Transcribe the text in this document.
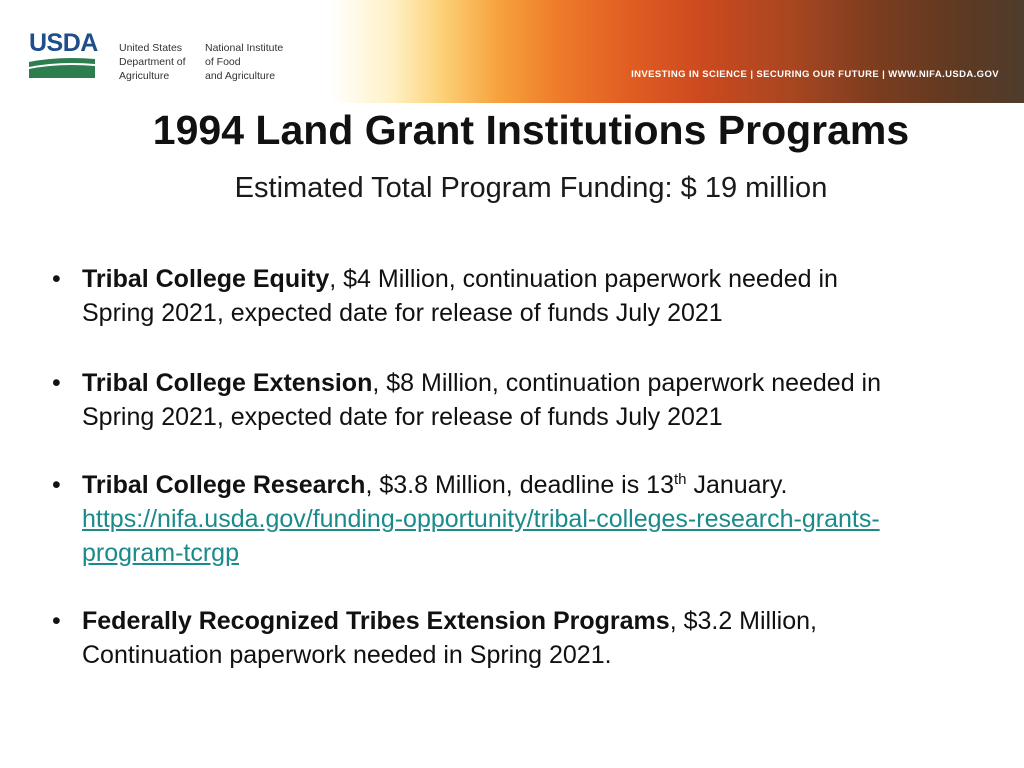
USDA United States
Department of
Agriculture
National Institute
of Food
and Agriculture	INVESTING IN SCIENCE | SECURING OUR FUTURE | WWW.NIFA.USDA.GOV
1994 Land Grant Institutions Programs

Estimated Total Program Funding: $ 19 million

• Tribal College Equity, $4 Million, continuation paperwork needed in
Spring 2021, expected date for release of funds July 2021
• Tribal College Extension, $8 Million, continuation paperwork needed in
Spring 2021, expected date for release of funds July 2021
• Tribal College Research, $3.8 Million, deadline is 13th January.
https://nifa.usda.gov/funding-opportunity/tribal-colleges-research-grants-
program-tcrgp
• Federally Recognized Tribes Extension Programs, $3.2 Million,
Continuation paperwork needed in Spring 2021.
